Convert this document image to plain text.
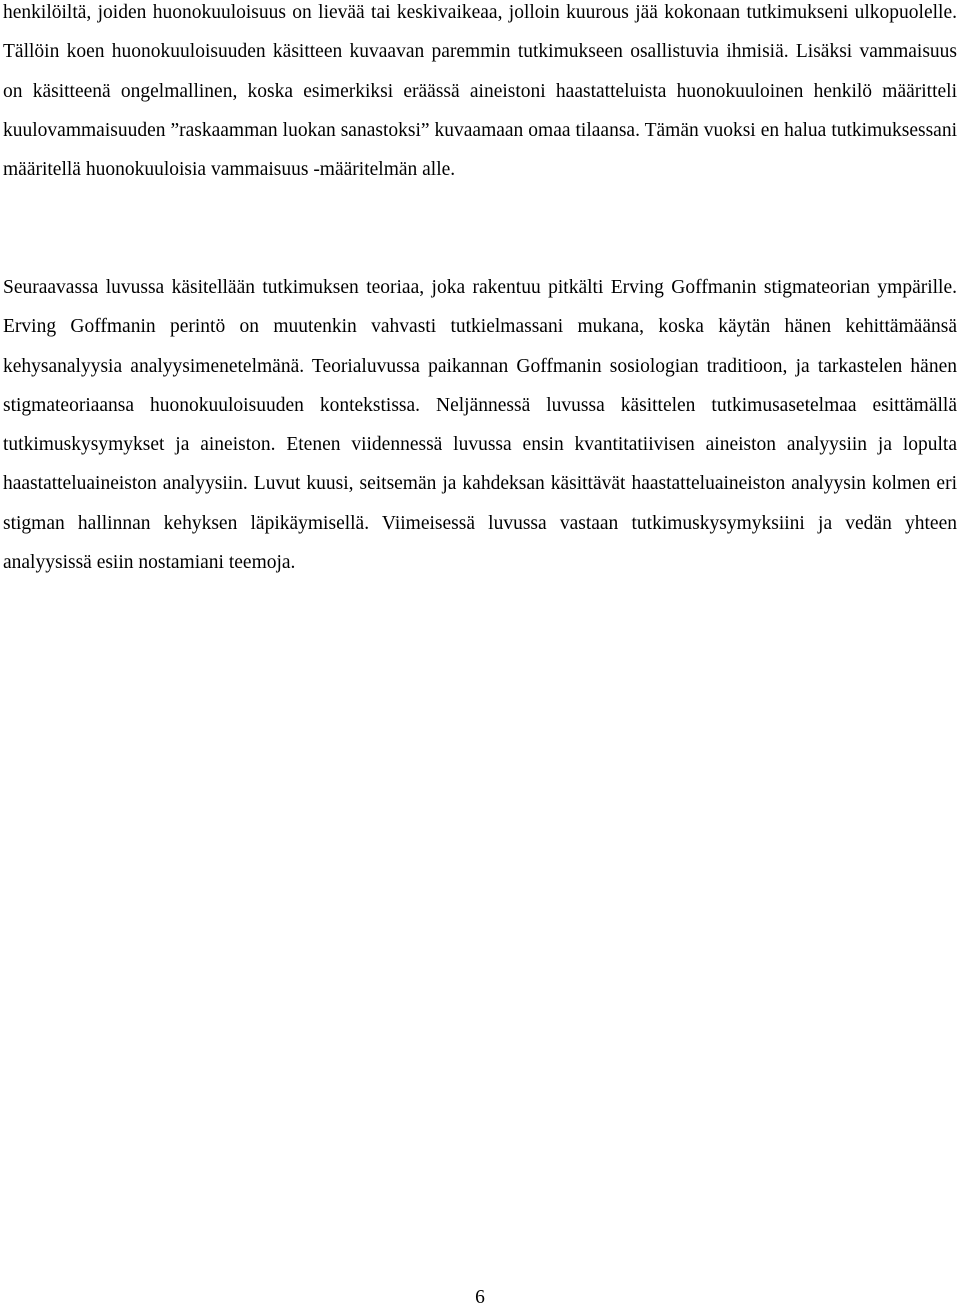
henkilöiltä, joiden huonokuuloisuus on lievää tai keskivaikeaa, jolloin kuurous jää kokonaan tutkimukseni ulkopuolelle. Tällöin koen huonokuuloisuuden käsitteen kuvaavan paremmin tutkimukseen osallistuvia ihmisiä. Lisäksi vammaisuus on käsitteenä ongelmallinen, koska esimerkiksi eräässä aineistoni haastatteluista huonokuuloinen henkilö määritteli kuulovammaisuuden ”raskaamman luokan sanastoksi” kuvaamaan omaa tilaansa. Tämän vuoksi en halua tutkimuksessani määritellä huonokuuloisia vammaisuus -määritelmän alle.

Seuraavassa luvussa käsitellään tutkimuksen teoriaa, joka rakentuu pitkälti Erving Goffmanin stigmateorian ympärille. Erving Goffmanin perintö on muutenkin vahvasti tutkielmassani mukana, koska käytän hänen kehittämäänsä kehysanalyysia analyysimenetelmänä. Teorialuvussa paikannan Goffmanin sosiologian traditioon, ja tarkastelen hänen stigmateoriaansa huonokuuloisuuden kontekstissa. Neljännessä luvussa käsittelen tutkimusasetelmaa esittämällä tutkimuskysymykset ja aineiston. Etenen viidennessä luvussa ensin kvantitatiivisen aineiston analyysiin ja lopulta haastatteluaineiston analyysiin. Luvut kuusi, seitsemän ja kahdeksan käsittävät haastatteluaineiston analyysin kolmen eri stigman hallinnan kehyksen läpikäymisellä. Viimeisessä luvussa vastaan tutkimuskysymyksiini ja vedän yhteen analyysissä esiin nostamiani teemoja.

6
